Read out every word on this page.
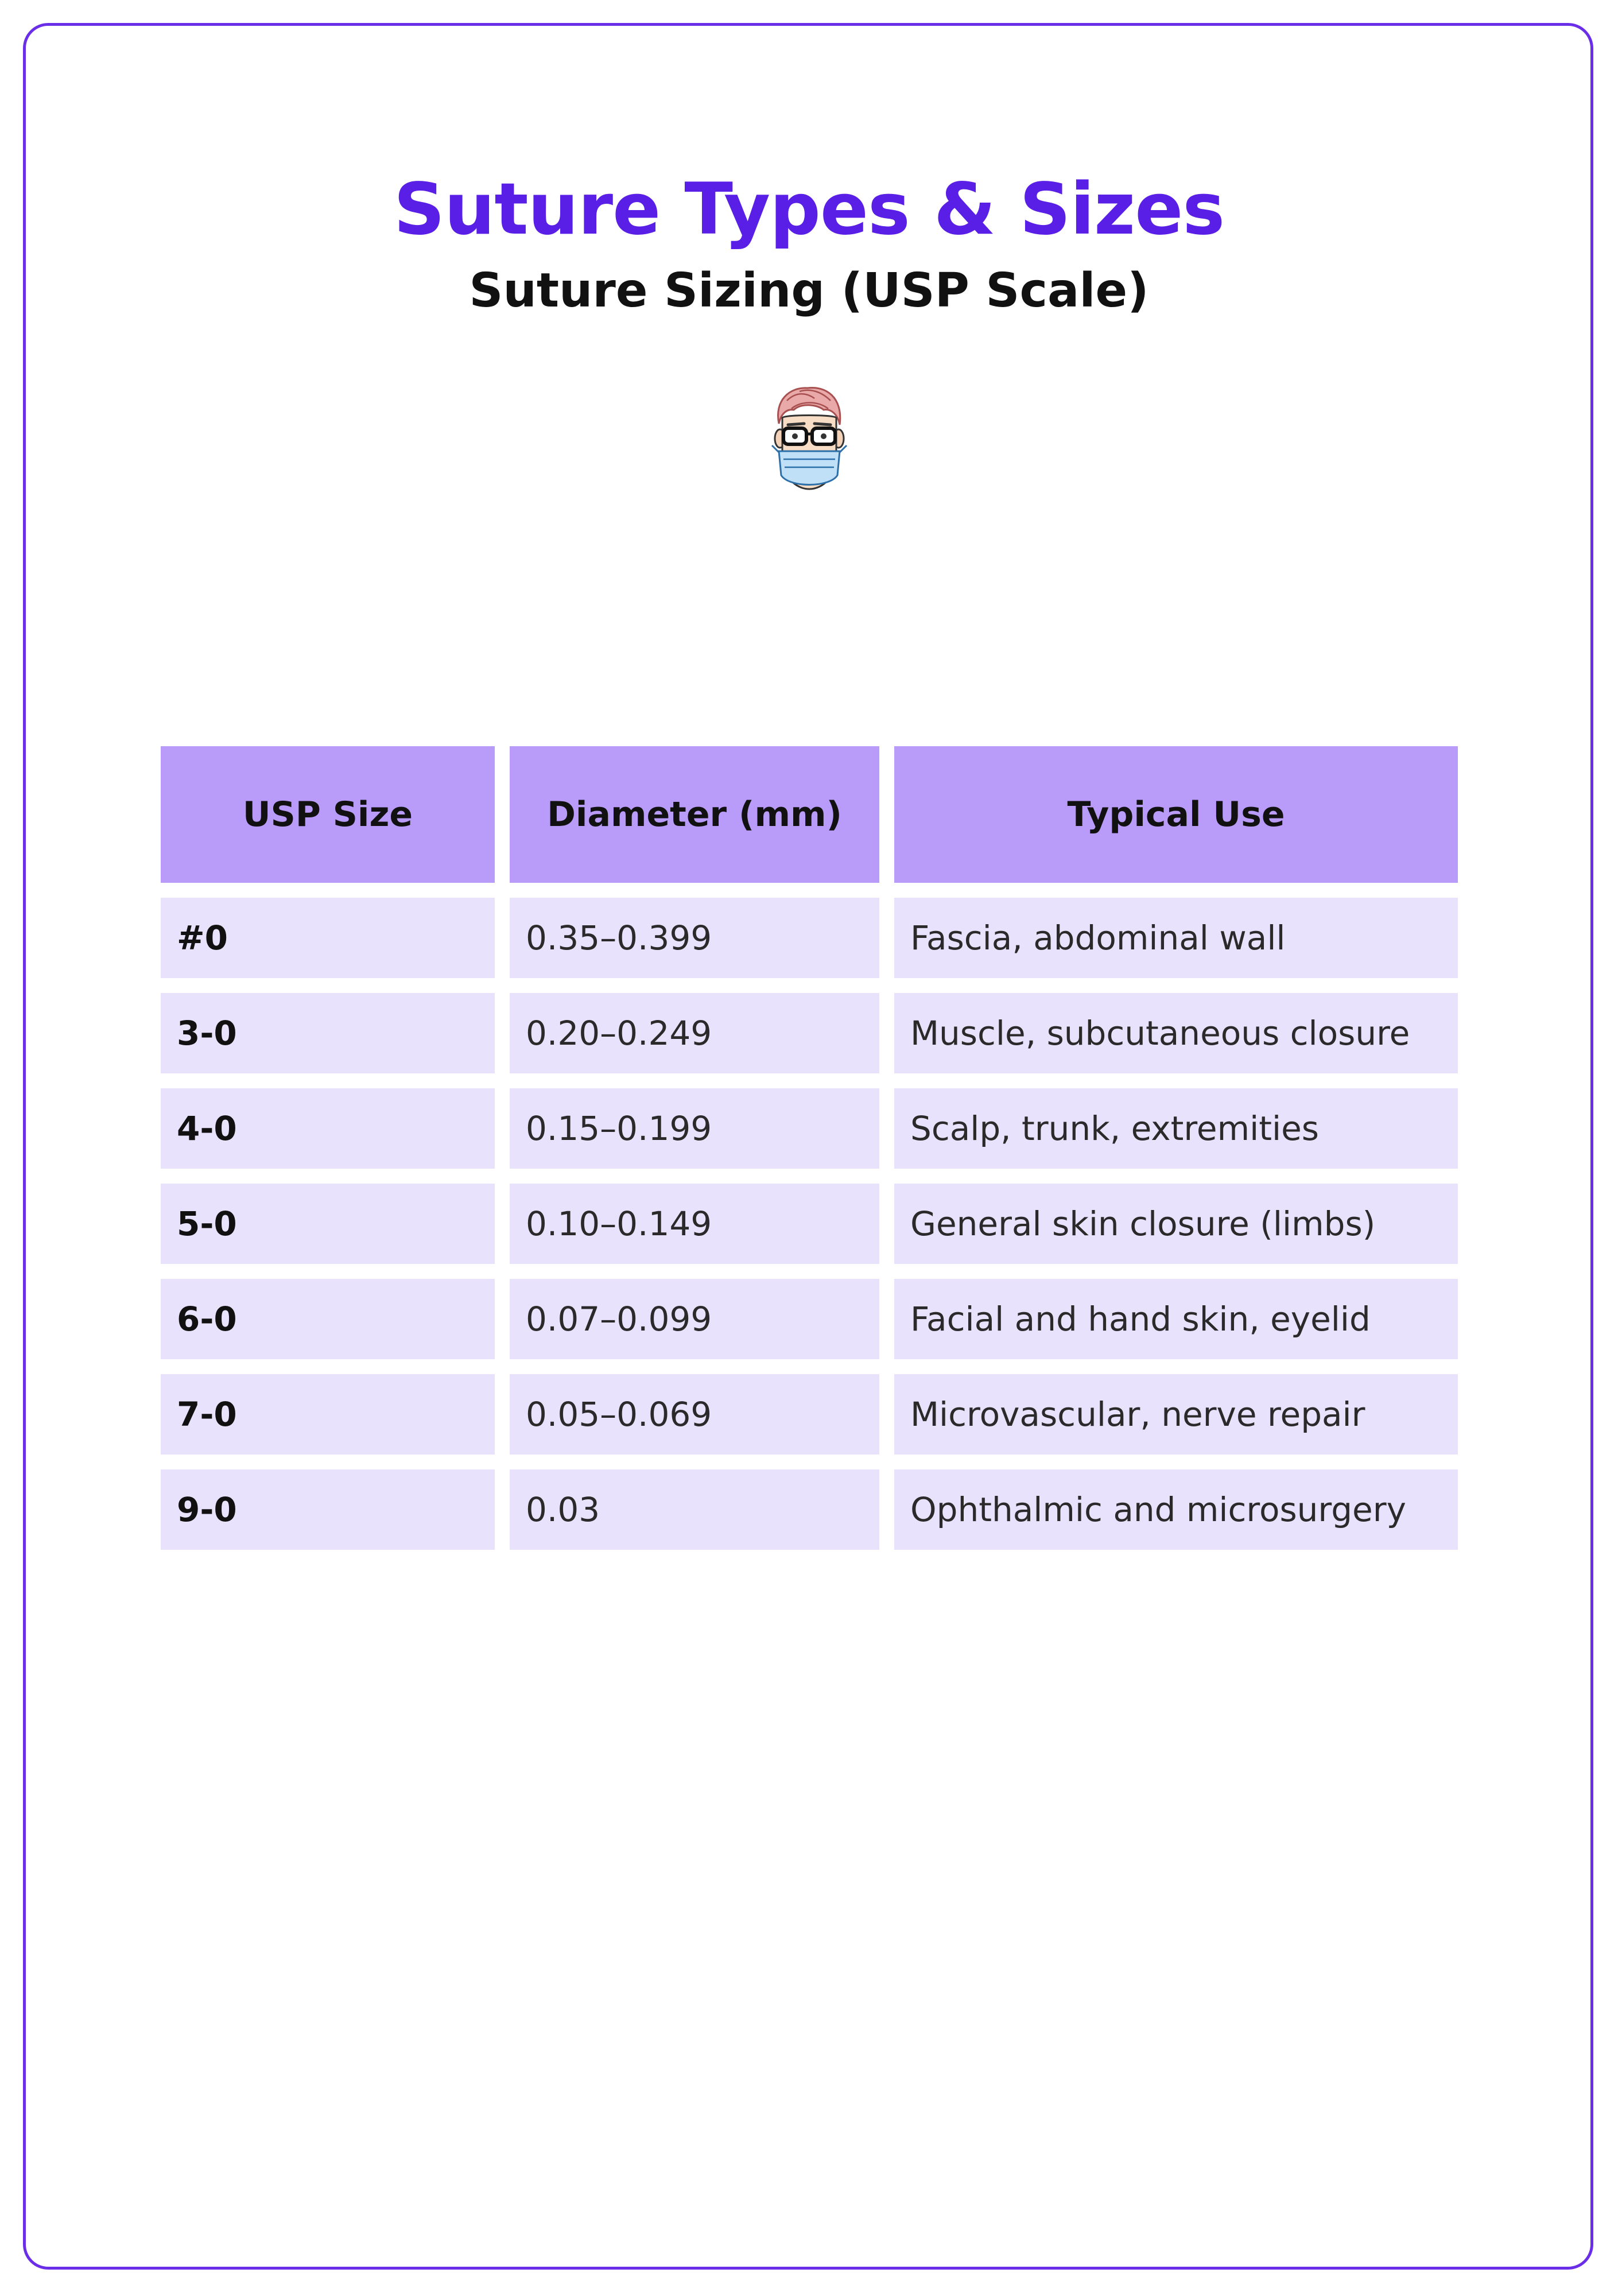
Suture Types & Sizes
Suture Sizing (USP Scale)
USP Size	Diameter (mm)	Typical Use
#0	0.35–0.399	Fascia, abdominal wall
3-0	0.20–0.249	Muscle, subcutaneous closure
4-0	0.15–0.199	Scalp, trunk, extremities
5-0	0.10–0.149	General skin closure (limbs)
6-0	0.07–0.099	Facial and hand skin, eyelid
7-0	0.05–0.069	Microvascular, nerve repair
9-0	0.03	Ophthalmic and microsurgery
